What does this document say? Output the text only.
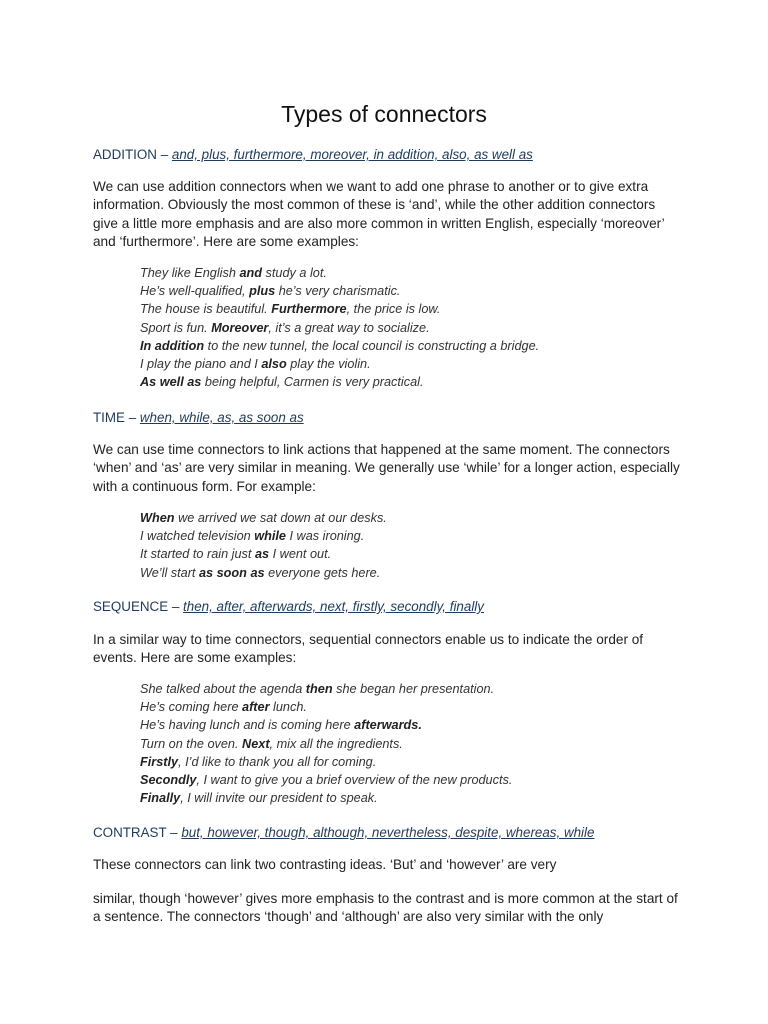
Types of connectors
ADDITION – and, plus, furthermore, moreover, in addition, also, as well as
We can use addition connectors when we want to add one phrase to another or to give extra information. Obviously the most common of these is ‘and’, while the other addition connectors give a little more emphasis and are also more common in written English, especially ‘moreover’ and ‘furthermore’. Here are some examples:
They like English and study a lot.
He’s well-qualified, plus he’s very charismatic.
The house is beautiful. Furthermore, the price is low.
Sport is fun. Moreover, it’s a great way to socialize.
In addition to the new tunnel, the local council is constructing a bridge.
I play the piano and I also play the violin.
As well as being helpful, Carmen is very practical.
TIME – when, while, as, as soon as
We can use time connectors to link actions that happened at the same moment. The connectors ‘when’ and ‘as’ are very similar in meaning. We generally use ‘while’ for a longer action, especially with a continuous form. For example:
When we arrived we sat down at our desks.
I watched television while I was ironing.
It started to rain just as I went out.
We’ll start as soon as everyone gets here.
SEQUENCE – then, after, afterwards, next, firstly, secondly, finally
In a similar way to time connectors, sequential connectors enable us to indicate the order of events. Here are some examples:
She talked about the agenda then she began her presentation.
He’s coming here after lunch.
He’s having lunch and is coming here afterwards.
Turn on the oven. Next, mix all the ingredients.
Firstly, I’d like to thank you all for coming.
Secondly, I want to give you a brief overview of the new products.
Finally, I will invite our president to speak.
CONTRAST – but, however, though, although, nevertheless, despite, whereas, while
These connectors can link two contrasting ideas. ‘But’ and ‘however’ are very
similar, though ‘however’ gives more emphasis to the contrast and is more common at the start of a sentence. The connectors ‘though’ and ‘although’ are also very similar with the only
